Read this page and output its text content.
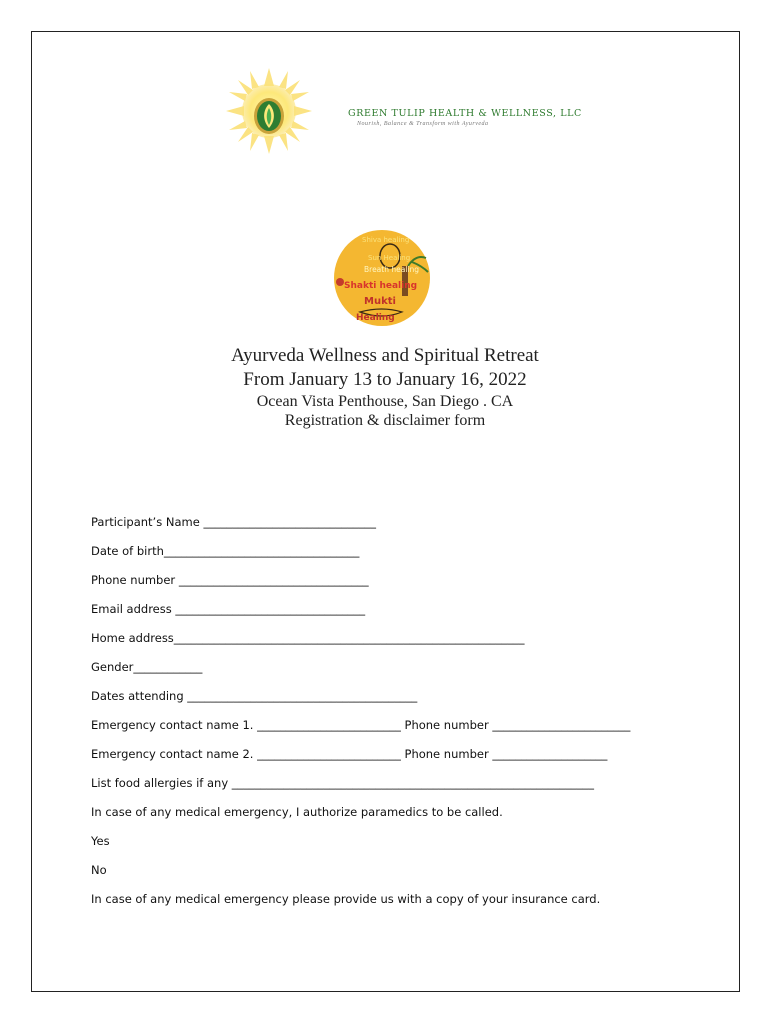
GREEN TULIP HEALTH & WELLNESS, LLC
Nourish, Balance & Transform with Ayurveda
Shiva healing
Sun Healing
Breath healing
Shakti healing
Mukti
Healing
Ayurveda Wellness and Spiritual Retreat
From January 13 to January 16, 2022
Ocean Vista Penthouse, San Diego . CA
Registration & disclaimer form
Participant’s Name ______________________________
Date of birth__________________________________
Phone number _________________________________
Email address _________________________________
Home address_____________________________________________________________
Gender____________
Dates attending ________________________________________
Emergency contact name 1. _________________________ Phone number ________________________
Emergency contact name 2. _________________________ Phone number ____________________
List food allergies if any _______________________________________________________________
In case of any medical emergency, I authorize paramedics to be called.
Yes
No
In case of any medical emergency please provide us with a copy of your insurance card.
